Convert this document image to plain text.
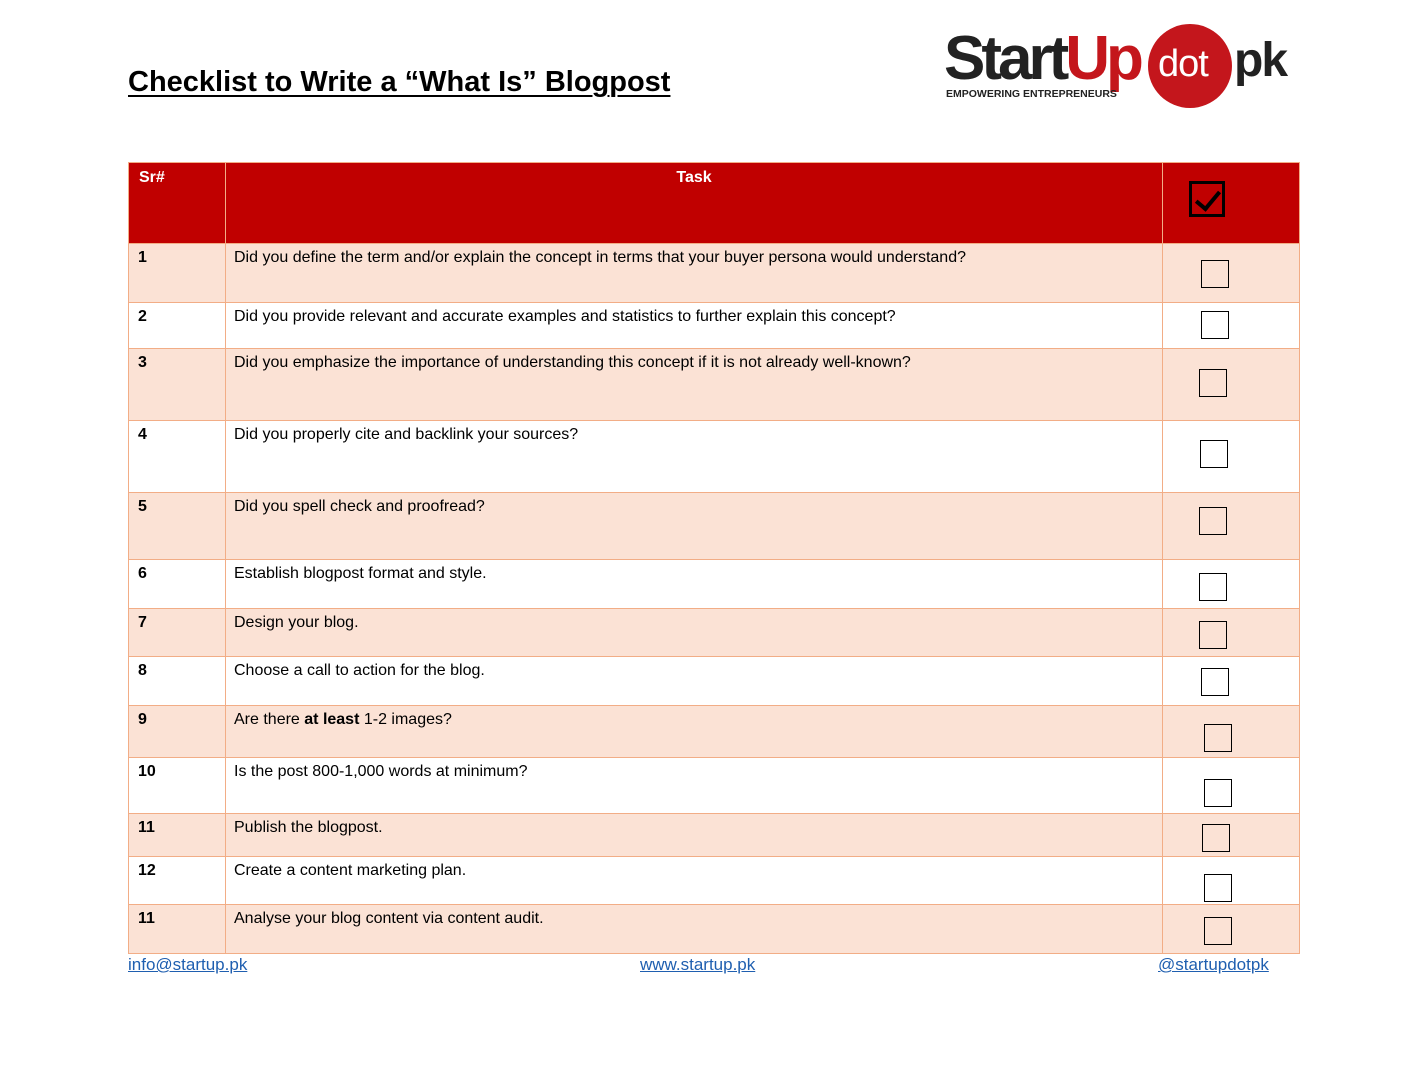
Checklist to Write a “What Is” Blogpost	StartUp dot pk
EMPOWERING ENTREPRENEURS
Sr#	Task	

1	Did you define the term and/or explain the concept in terms that your buyer persona would understand?	

2	Did you provide relevant and accurate examples and statistics to further explain this concept?	

3	Did you emphasize the importance of understanding this concept if it is not already well-known?	

4	Did you properly cite and backlink your sources?	

5	Did you spell check and proofread?	

6	Establish blogpost format and style.	

7	Design your blog.	

8	Choose a call to action for the blog.	

9	Are there at least 1-2 images?	

10	Is the post 800-1,000 words at minimum?	

11	Publish the blogpost.	

12	Create a content marketing plan.	

11	Analyse your blog content via content audit.	
info@startup.pk	www.startup.pk	@startupdotpk
